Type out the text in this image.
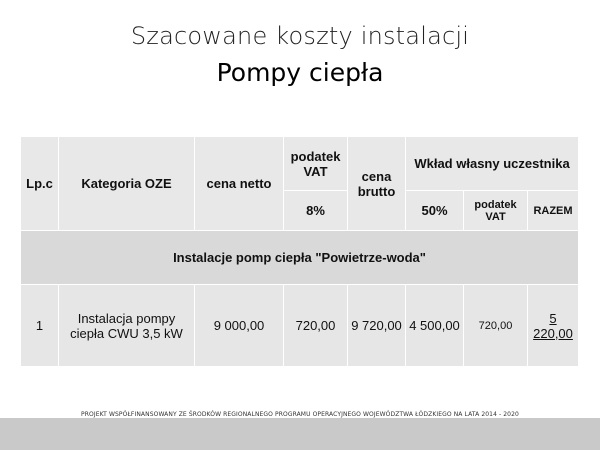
Szacowane koszty instalacji
Pompy ciepła
Lp.c	Kategoria OZE	cena netto	podatek VAT	cena brutto	Wkład własny uczestnika		
			8%		50%	podatek VAT	RAZEM
Instalacje pomp ciepła "Powietrze-woda"							
1	Instalacja pompy ciepła CWU 3,5 kW	9 000,00	720,00	9 720,00	4 500,00	720,00	5 220,00
PROJEKT WSPÓŁFINANSOWANY ZE ŚRODKÓW REGIONALNEGO PROGRAMU OPERACYJNEGO WOJEWÓDZTWA ŁÓDZKIEGO NA LATA 2014 - 2020
